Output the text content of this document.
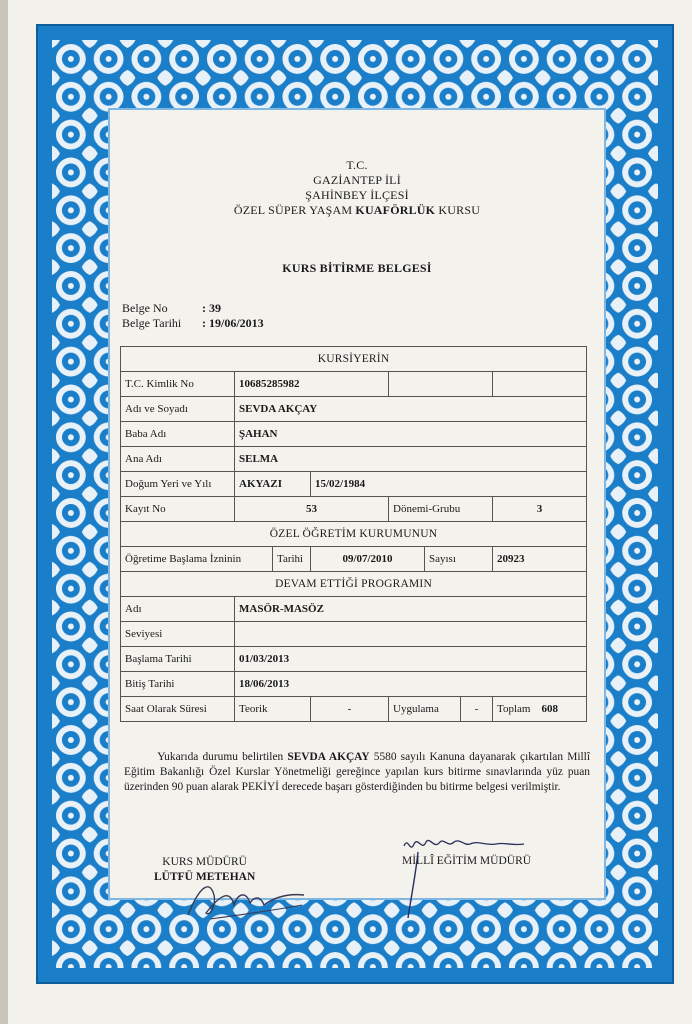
T.C.
GAZİANTEP İLİ
ŞAHİNBEY İLÇESİ
ÖZEL SÜPER YAŞAM KUAFÖRLÜK KURSU
KURS BİTİRME BELGESİ
Belge No	: 39
Belge Tarihi	: 19/06/2013
KURSİYERİN							
T.C. Kimlik No	10685285982						
Adı ve Soyadı	SEVDA AKÇAY						
Baba Adı	ŞAHAN						
Ana Adı	SELMA						
Doğum Yeri ve Yılı	AKYAZI		15/02/1984				
Kayıt No	53			Dönemi-Grubu			3
ÖZEL ÖĞRETİM KURUMUNUN							
Öğretime Başlama İzninin		Tarihi	09/07/2010		Sayısı		20923
DEVAM ETTİĞİ PROGRAMIN							
Adı	MASÖR-MASÖZ						
Seviyesi							
Başlama Tarihi	01/03/2013						
Bitiş Tarihi	18/06/2013						
Saat Olarak Süresi	Teorik		-	Uygulama		-	Toplam 608
Yukarıda durumu belirtilen SEVDA AKÇAY 5580 sayılı Kanuna dayanarak çıkartılan Millî Eğitim Bakanlığı Özel Kurslar Yönetmeliği gereğince yapılan kurs bitirme sınavlarında yüz puan üzerinden 90 puan alarak PEKİYİ derecede başarı gösterdiğinden bu bitirme belgesi verilmiştir.
KURS MÜDÜRÜ
LÜTFÜ METEHAN
MİLLÎ EĞİTİM MÜDÜRÜ
